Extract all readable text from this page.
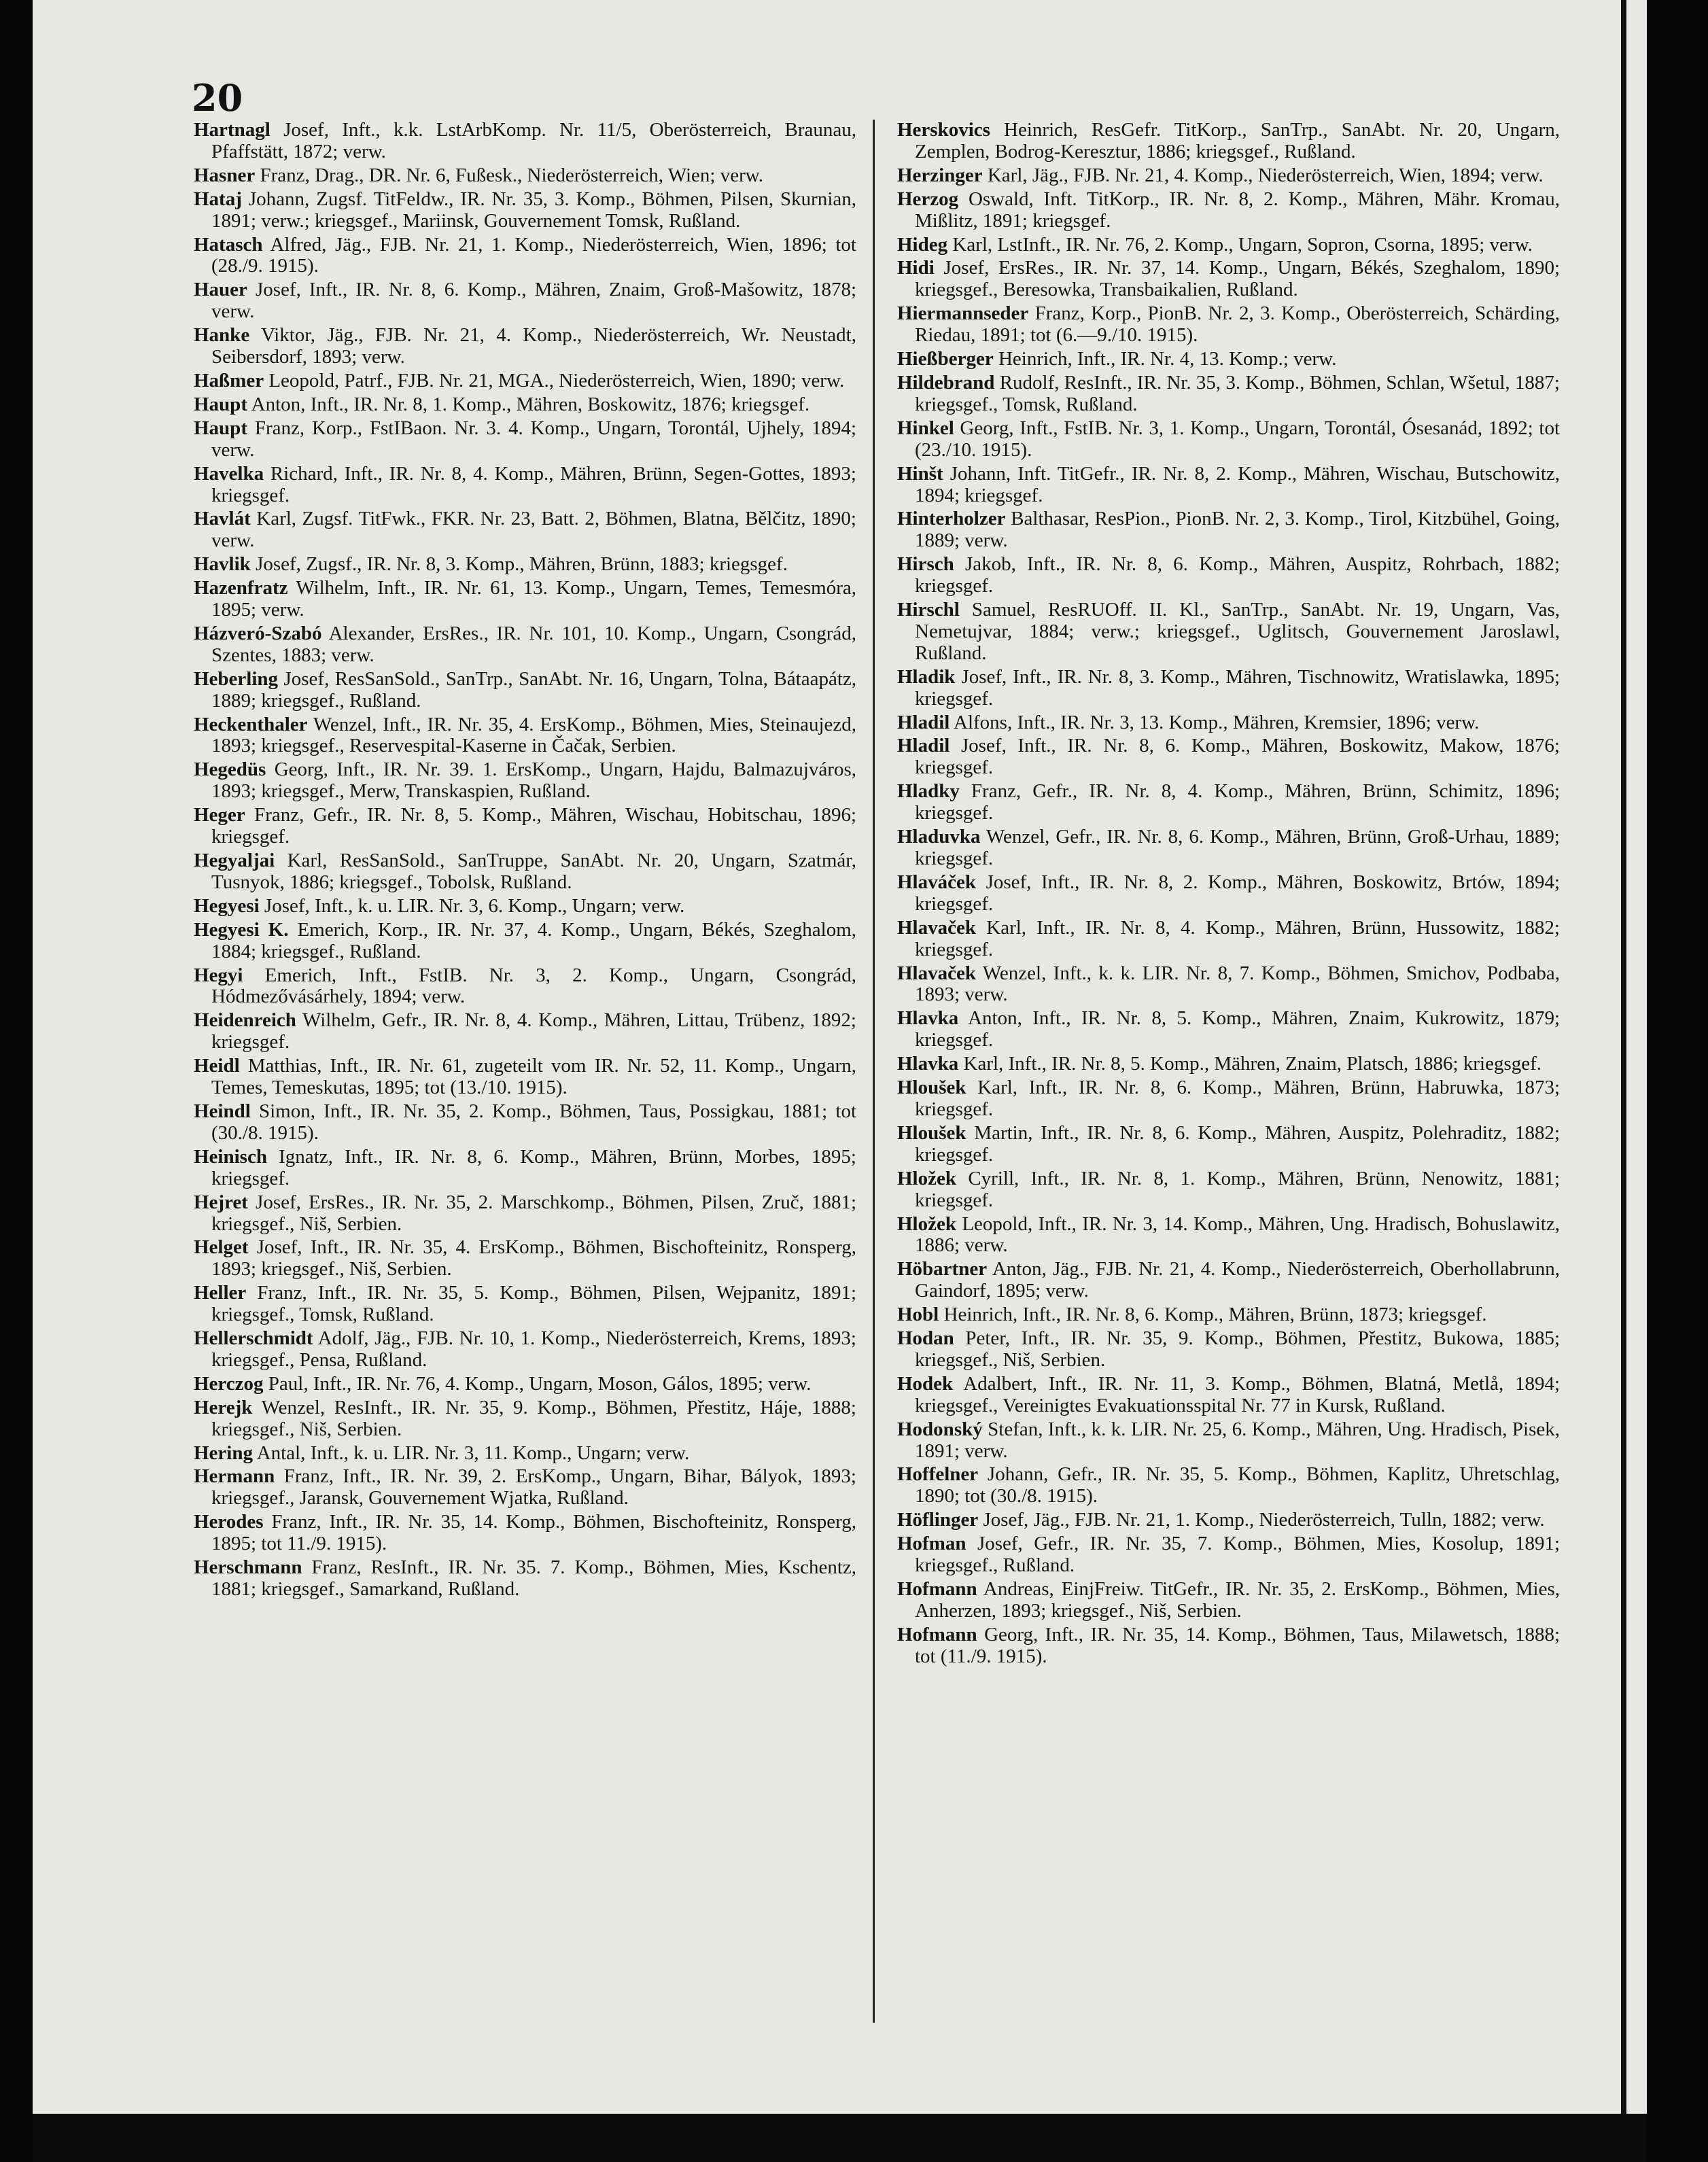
20

Hartnagl Josef, Inft., k.k. LstArbKomp. Nr. 11/5, Oberösterreich, Braunau, Pfaffstätt, 1872; verw.

Hasner Franz, Drag., DR. Nr. 6, Fußesk., Niederösterreich, Wien; verw.

Hataj Johann, Zugsf. TitFeldw., IR. Nr. 35, 3. Komp., Böhmen, Pilsen, Skurnian, 1891; verw.; kriegsgef., Mariinsk, Gouvernement Tomsk, Rußland.

Hatasch Alfred, Jäg., FJB. Nr. 21, 1. Komp., Niederösterreich, Wien, 1896; tot (28./9. 1915).

Hauer Josef, Inft., IR. Nr. 8, 6. Komp., Mähren, Znaim, Groß-Mašowitz, 1878; verw.

Hanke Viktor, Jäg., FJB. Nr. 21, 4. Komp., Niederösterreich, Wr. Neustadt, Seibersdorf, 1893; verw.

Haßmer Leopold, Patrf., FJB. Nr. 21, MGA., Niederösterreich, Wien, 1890; verw.

Haupt Anton, Inft., IR. Nr. 8, 1. Komp., Mähren, Boskowitz, 1876; kriegsgef.

Haupt Franz, Korp., FstIBaon. Nr. 3. 4. Komp., Ungarn, Torontál, Ujhely, 1894; verw.

Havelka Richard, Inft., IR. Nr. 8, 4. Komp., Mähren, Brünn, Segen-Gottes, 1893; kriegsgef.

Havlát Karl, Zugsf. TitFwk., FKR. Nr. 23, Batt. 2, Böhmen, Blatna, Bělčitz, 1890; verw.

Havlik Josef, Zugsf., IR. Nr. 8, 3. Komp., Mähren, Brünn, 1883; kriegsgef.

Hazenfratz Wilhelm, Inft., IR. Nr. 61, 13. Komp., Ungarn, Temes, Temesmóra, 1895; verw.

Házveró-Szabó Alexander, ErsRes., IR. Nr. 101, 10. Komp., Ungarn, Csongrád, Szentes, 1883; verw.

Heberling Josef, ResSanSold., SanTrp., SanAbt. Nr. 16, Ungarn, Tolna, Bátaapátz, 1889; kriegsgef., Rußland.

Heckenthaler Wenzel, Inft., IR. Nr. 35, 4. ErsKomp., Böhmen, Mies, Steinaujezd, 1893; kriegsgef., Reservespital-Kaserne in Čačak, Serbien.

Hegedüs Georg, Inft., IR. Nr. 39. 1. ErsKomp., Ungarn, Hajdu, Balmazujváros, 1893; kriegsgef., Merw, Transkaspien, Rußland.

Heger Franz, Gefr., IR. Nr. 8, 5. Komp., Mähren, Wischau, Hobitschau, 1896; kriegsgef.

Hegyaljai Karl, ResSanSold., SanTruppe, SanAbt. Nr. 20, Ungarn, Szatmár, Tusnyok, 1886; kriegsgef., Tobolsk, Rußland.

Hegyesi Josef, Inft., k. u. LIR. Nr. 3, 6. Komp., Ungarn; verw.

Hegyesi K. Emerich, Korp., IR. Nr. 37, 4. Komp., Ungarn, Békés, Szeghalom, 1884; kriegsgef., Rußland.

Hegyi Emerich, Inft., FstIB. Nr. 3, 2. Komp., Ungarn, Csongrád, Hódmezővásárhely, 1894; verw.

Heidenreich Wilhelm, Gefr., IR. Nr. 8, 4. Komp., Mähren, Littau, Trübenz, 1892; kriegsgef.

Heidl Matthias, Inft., IR. Nr. 61, zugeteilt vom IR. Nr. 52, 11. Komp., Ungarn, Temes, Temeskutas, 1895; tot (13./10. 1915).

Heindl Simon, Inft., IR. Nr. 35, 2. Komp., Böhmen, Taus, Possigkau, 1881; tot (30./8. 1915).

Heinisch Ignatz, Inft., IR. Nr. 8, 6. Komp., Mähren, Brünn, Morbes, 1895; kriegsgef.

Hejret Josef, ErsRes., IR. Nr. 35, 2. Marschkomp., Böhmen, Pilsen, Zruč, 1881; kriegsgef., Niš, Serbien.

Helget Josef, Inft., IR. Nr. 35, 4. ErsKomp., Böhmen, Bischofteinitz, Ronsperg, 1893; kriegsgef., Niš, Serbien.

Heller Franz, Inft., IR. Nr. 35, 5. Komp., Böhmen, Pilsen, Wejpanitz, 1891; kriegsgef., Tomsk, Rußland.

Hellerschmidt Adolf, Jäg., FJB. Nr. 10, 1. Komp., Niederösterreich, Krems, 1893; kriegsgef., Pensa, Rußland.

Herczog Paul, Inft., IR. Nr. 76, 4. Komp., Ungarn, Moson, Gálos, 1895; verw.

Herejk Wenzel, ResInft., IR. Nr. 35, 9. Komp., Böhmen, Přestitz, Háje, 1888; kriegsgef., Niš, Serbien.

Hering Antal, Inft., k. u. LIR. Nr. 3, 11. Komp., Ungarn; verw.

Hermann Franz, Inft., IR. Nr. 39, 2. ErsKomp., Ungarn, Bihar, Bályok, 1893; kriegsgef., Jaransk, Gouvernement Wjatka, Rußland.

Herodes Franz, Inft., IR. Nr. 35, 14. Komp., Böhmen, Bischofteinitz, Ronsperg, 1895; tot 11./9. 1915).

Herschmann Franz, ResInft., IR. Nr. 35. 7. Komp., Böhmen, Mies, Kschentz, 1881; kriegsgef., Samarkand, Rußland.

Herskovics Heinrich, ResGefr. TitKorp., SanTrp., SanAbt. Nr. 20, Ungarn, Zemplen, Bodrog-Keresztur, 1886; kriegsgef., Rußland.

Herzinger Karl, Jäg., FJB. Nr. 21, 4. Komp., Niederösterreich, Wien, 1894; verw.

Herzog Oswald, Inft. TitKorp., IR. Nr. 8, 2. Komp., Mähren, Mähr. Kromau, Mißlitz, 1891; kriegsgef.

Hideg Karl, LstInft., IR. Nr. 76, 2. Komp., Ungarn, Sopron, Csorna, 1895; verw.

Hidi Josef, ErsRes., IR. Nr. 37, 14. Komp., Ungarn, Békés, Szeghalom, 1890; kriegsgef., Beresowka, Transbaikalien, Rußland.

Hiermannseder Franz, Korp., PionB. Nr. 2, 3. Komp., Oberösterreich, Schärding, Riedau, 1891; tot (6.—9./10. 1915).

Hießberger Heinrich, Inft., IR. Nr. 4, 13. Komp.; verw.

Hildebrand Rudolf, ResInft., IR. Nr. 35, 3. Komp., Böhmen, Schlan, Wšetul, 1887; kriegsgef., Tomsk, Rußland.

Hinkel Georg, Inft., FstIB. Nr. 3, 1. Komp., Ungarn, Torontál, Ósesanád, 1892; tot (23./10. 1915).

Hinšt Johann, Inft. TitGefr., IR. Nr. 8, 2. Komp., Mähren, Wischau, Butschowitz, 1894; kriegsgef.

Hinterholzer Balthasar, ResPion., PionB. Nr. 2, 3. Komp., Tirol, Kitzbühel, Going, 1889; verw.

Hirsch Jakob, Inft., IR. Nr. 8, 6. Komp., Mähren, Auspitz, Rohrbach, 1882; kriegsgef.

Hirschl Samuel, ResRUOff. II. Kl., SanTrp., SanAbt. Nr. 19, Ungarn, Vas, Nemetujvar, 1884; verw.; kriegsgef., Uglitsch, Gouvernement Jaroslawl, Rußland.

Hladik Josef, Inft., IR. Nr. 8, 3. Komp., Mähren, Tischnowitz, Wratislawka, 1895; kriegsgef.

Hladil Alfons, Inft., IR. Nr. 3, 13. Komp., Mähren, Kremsier, 1896; verw.

Hladil Josef, Inft., IR. Nr. 8, 6. Komp., Mähren, Boskowitz, Makow, 1876; kriegsgef.

Hladky Franz, Gefr., IR. Nr. 8, 4. Komp., Mähren, Brünn, Schimitz, 1896; kriegsgef.

Hladuvka Wenzel, Gefr., IR. Nr. 8, 6. Komp., Mähren, Brünn, Groß-Urhau, 1889; kriegsgef.

Hlaváček Josef, Inft., IR. Nr. 8, 2. Komp., Mähren, Boskowitz, Brtów, 1894; kriegsgef.

Hlavaček Karl, Inft., IR. Nr. 8, 4. Komp., Mähren, Brünn, Hussowitz, 1882; kriegsgef.

Hlavaček Wenzel, Inft., k. k. LIR. Nr. 8, 7. Komp., Böhmen, Smichov, Podbaba, 1893; verw.

Hlavka Anton, Inft., IR. Nr. 8, 5. Komp., Mähren, Znaim, Kukrowitz, 1879; kriegsgef.

Hlavka Karl, Inft., IR. Nr. 8, 5. Komp., Mähren, Znaim, Platsch, 1886; kriegsgef.

Hloušek Karl, Inft., IR. Nr. 8, 6. Komp., Mähren, Brünn, Habruwka, 1873; kriegsgef.

Hloušek Martin, Inft., IR. Nr. 8, 6. Komp., Mähren, Auspitz, Polehraditz, 1882; kriegsgef.

Hložek Cyrill, Inft., IR. Nr. 8, 1. Komp., Mähren, Brünn, Nenowitz, 1881; kriegsgef.

Hložek Leopold, Inft., IR. Nr. 3, 14. Komp., Mähren, Ung. Hradisch, Bohuslawitz, 1886; verw.

Höbartner Anton, Jäg., FJB. Nr. 21, 4. Komp., Niederösterreich, Oberhollabrunn, Gaindorf, 1895; verw.

Hobl Heinrich, Inft., IR. Nr. 8, 6. Komp., Mähren, Brünn, 1873; kriegsgef.

Hodan Peter, Inft., IR. Nr. 35, 9. Komp., Böhmen, Přestitz, Bukowa, 1885; kriegsgef., Niš, Serbien.

Hodek Adalbert, Inft., IR. Nr. 11, 3. Komp., Böhmen, Blatná, Metlå, 1894; kriegsgef., Vereinigtes Evakuationsspital Nr. 77 in Kursk, Rußland.

Hodonský Stefan, Inft., k. k. LIR. Nr. 25, 6. Komp., Mähren, Ung. Hradisch, Pisek, 1891; verw.

Hoffelner Johann, Gefr., IR. Nr. 35, 5. Komp., Böhmen, Kaplitz, Uhretschlag, 1890; tot (30./8. 1915).

Höflinger Josef, Jäg., FJB. Nr. 21, 1. Komp., Niederösterreich, Tulln, 1882; verw.

Hofman Josef, Gefr., IR. Nr. 35, 7. Komp., Böhmen, Mies, Kosolup, 1891; kriegsgef., Rußland.

Hofmann Andreas, EinjFreiw. TitGefr., IR. Nr. 35, 2. ErsKomp., Böhmen, Mies, Anherzen, 1893; kriegsgef., Niš, Serbien.

Hofmann Georg, Inft., IR. Nr. 35, 14. Komp., Böhmen, Taus, Milawetsch, 1888; tot (11./9. 1915).
